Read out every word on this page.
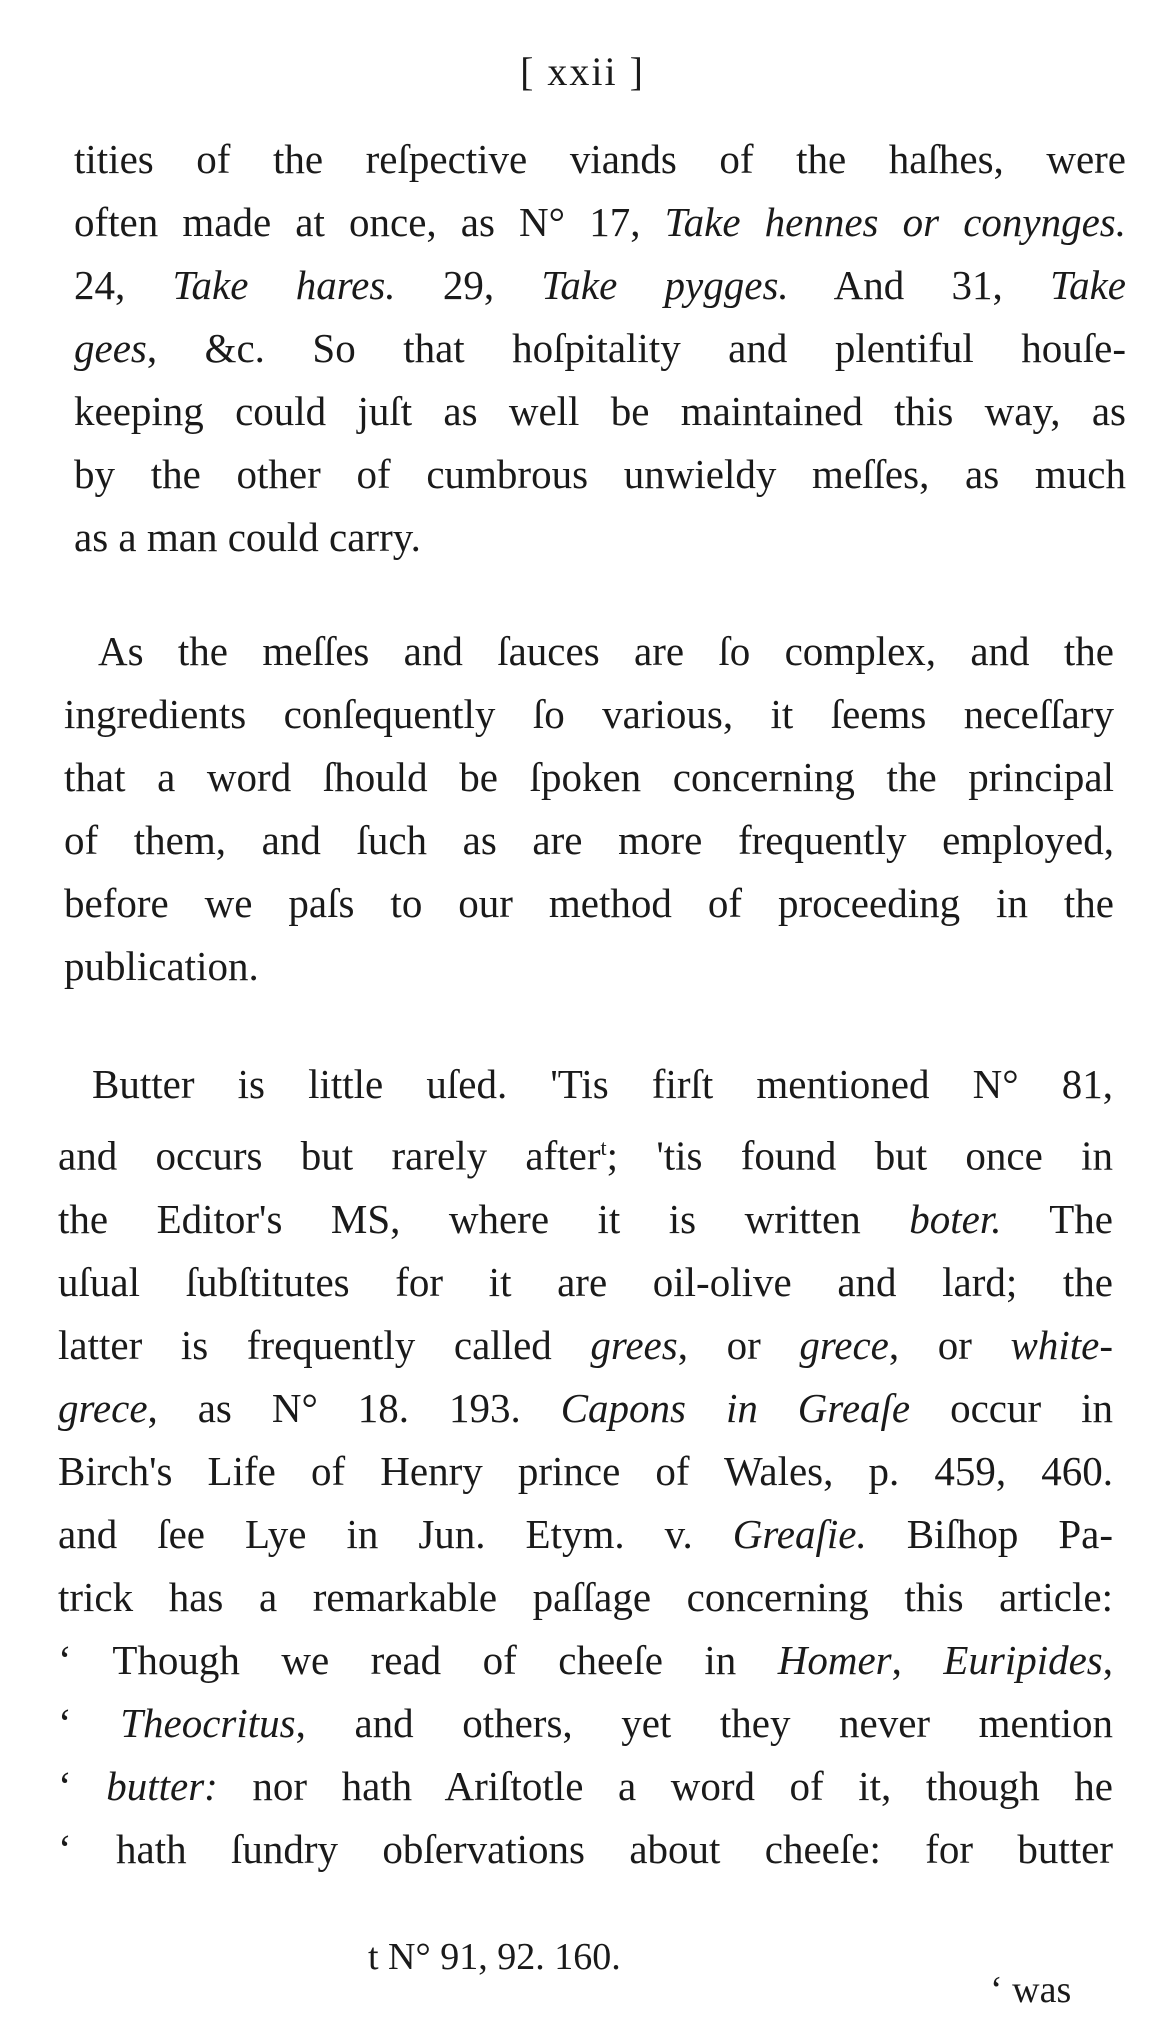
[ xxii ]

tities of the reſpective viands of the haſhes, were
often made at once, as N° 17, Take hennes or conynges.
24, Take hares. 29, Take pygges. And 31, Take
gees, &c. So that hoſpitality and plentiful houſe-
keeping could juſt as well be maintained this way, as
by the other of cumbrous unwieldy meſſes, as much
as a man could carry.

As the meſſes and ſauces are ſo complex, and the
ingredients conſequently ſo various, it ſeems neceſſary
that a word ſhould be ſpoken concerning the principal
of them, and ſuch as are more frequently employed,
before we paſs to our method of proceeding in the
publication.

Butter is little uſed. 'Tis firſt mentioned N° 81,
and occurs but rarely after$^t$; 'tis found but once in
the Editor's MS, where it is written boter. The
uſual ſubſtitutes for it are oil-olive and lard; the
latter is frequently called grees, or grece, or white-
grece, as N° 18. 193. Capons in Greaſe occur in
Birch's Life of Henry prince of Wales, p. 459, 460.
and ſee Lye in Jun. Etym. v. Greaſie. Biſhop Pa-
trick has a remarkable paſſage concerning this article:
‘ Though we read of cheeſe in Homer, Euripides,
‘ Theocritus, and others, yet they never mention
‘ butter: nor hath Ariſtotle a word of it, though he
‘ hath ſundry obſervations about cheeſe: for butter

t N° 91, 92. 160.
‘ was
